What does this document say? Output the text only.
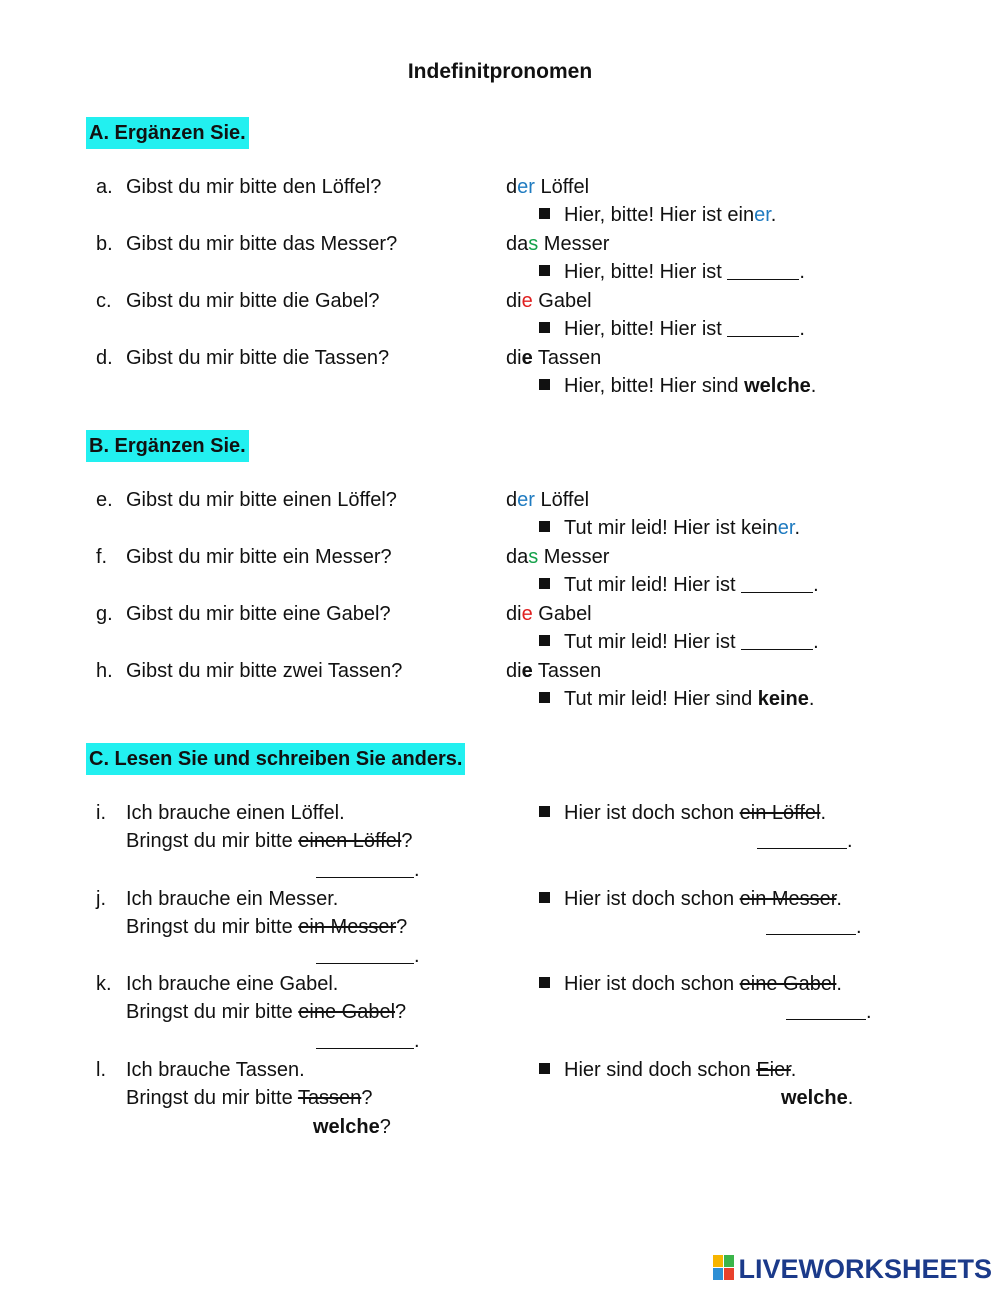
Indefinitpronomen
A. Ergänzen Sie.
a. Gibst du mir bitte den Löffel?	der Löffel
Hier, bitte! Hier ist einer.
b. Gibst du mir bitte das Messer?	das Messer
Hier, bitte! Hier ist	.
c. Gibst du mir bitte die Gabel?	die Gabel
Hier, bitte! Hier ist	.
d. Gibst du mir bitte die Tassen?	die Tassen
Hier, bitte! Hier sind welche.
B. Ergänzen Sie.
e. Gibst du mir bitte einen Löffel?	der Löffel
Tut mir leid! Hier ist keiner.
f. Gibst du mir bitte ein Messer?	das Messer
Tut mir leid! Hier ist	.
g. Gibst du mir bitte eine Gabel?	die Gabel
Tut mir leid! Hier ist	.
h. Gibst du mir bitte zwei Tassen?	die Tassen
Tut mir leid! Hier sind keine.
C. Lesen Sie und schreiben Sie anders.
i. Ich brauche einen Löffel.
Bringst du mir bitte einen Löffel?
.
Hier ist doch schon ein Löffel.
.
j. Ich brauche ein Messer.
Bringst du mir bitte ein Messer?
.
Hier ist doch schon ein Messer.
.
k. Ich brauche eine Gabel.
Bringst du mir bitte eine Gabel?
.
Hier ist doch schon eine Gabel.
.
l. Ich brauche Tassen.
Bringst du mir bitte Tassen?
welche?
Hier sind doch schon Eier.
welche.
LIVEWORKSHEETS
